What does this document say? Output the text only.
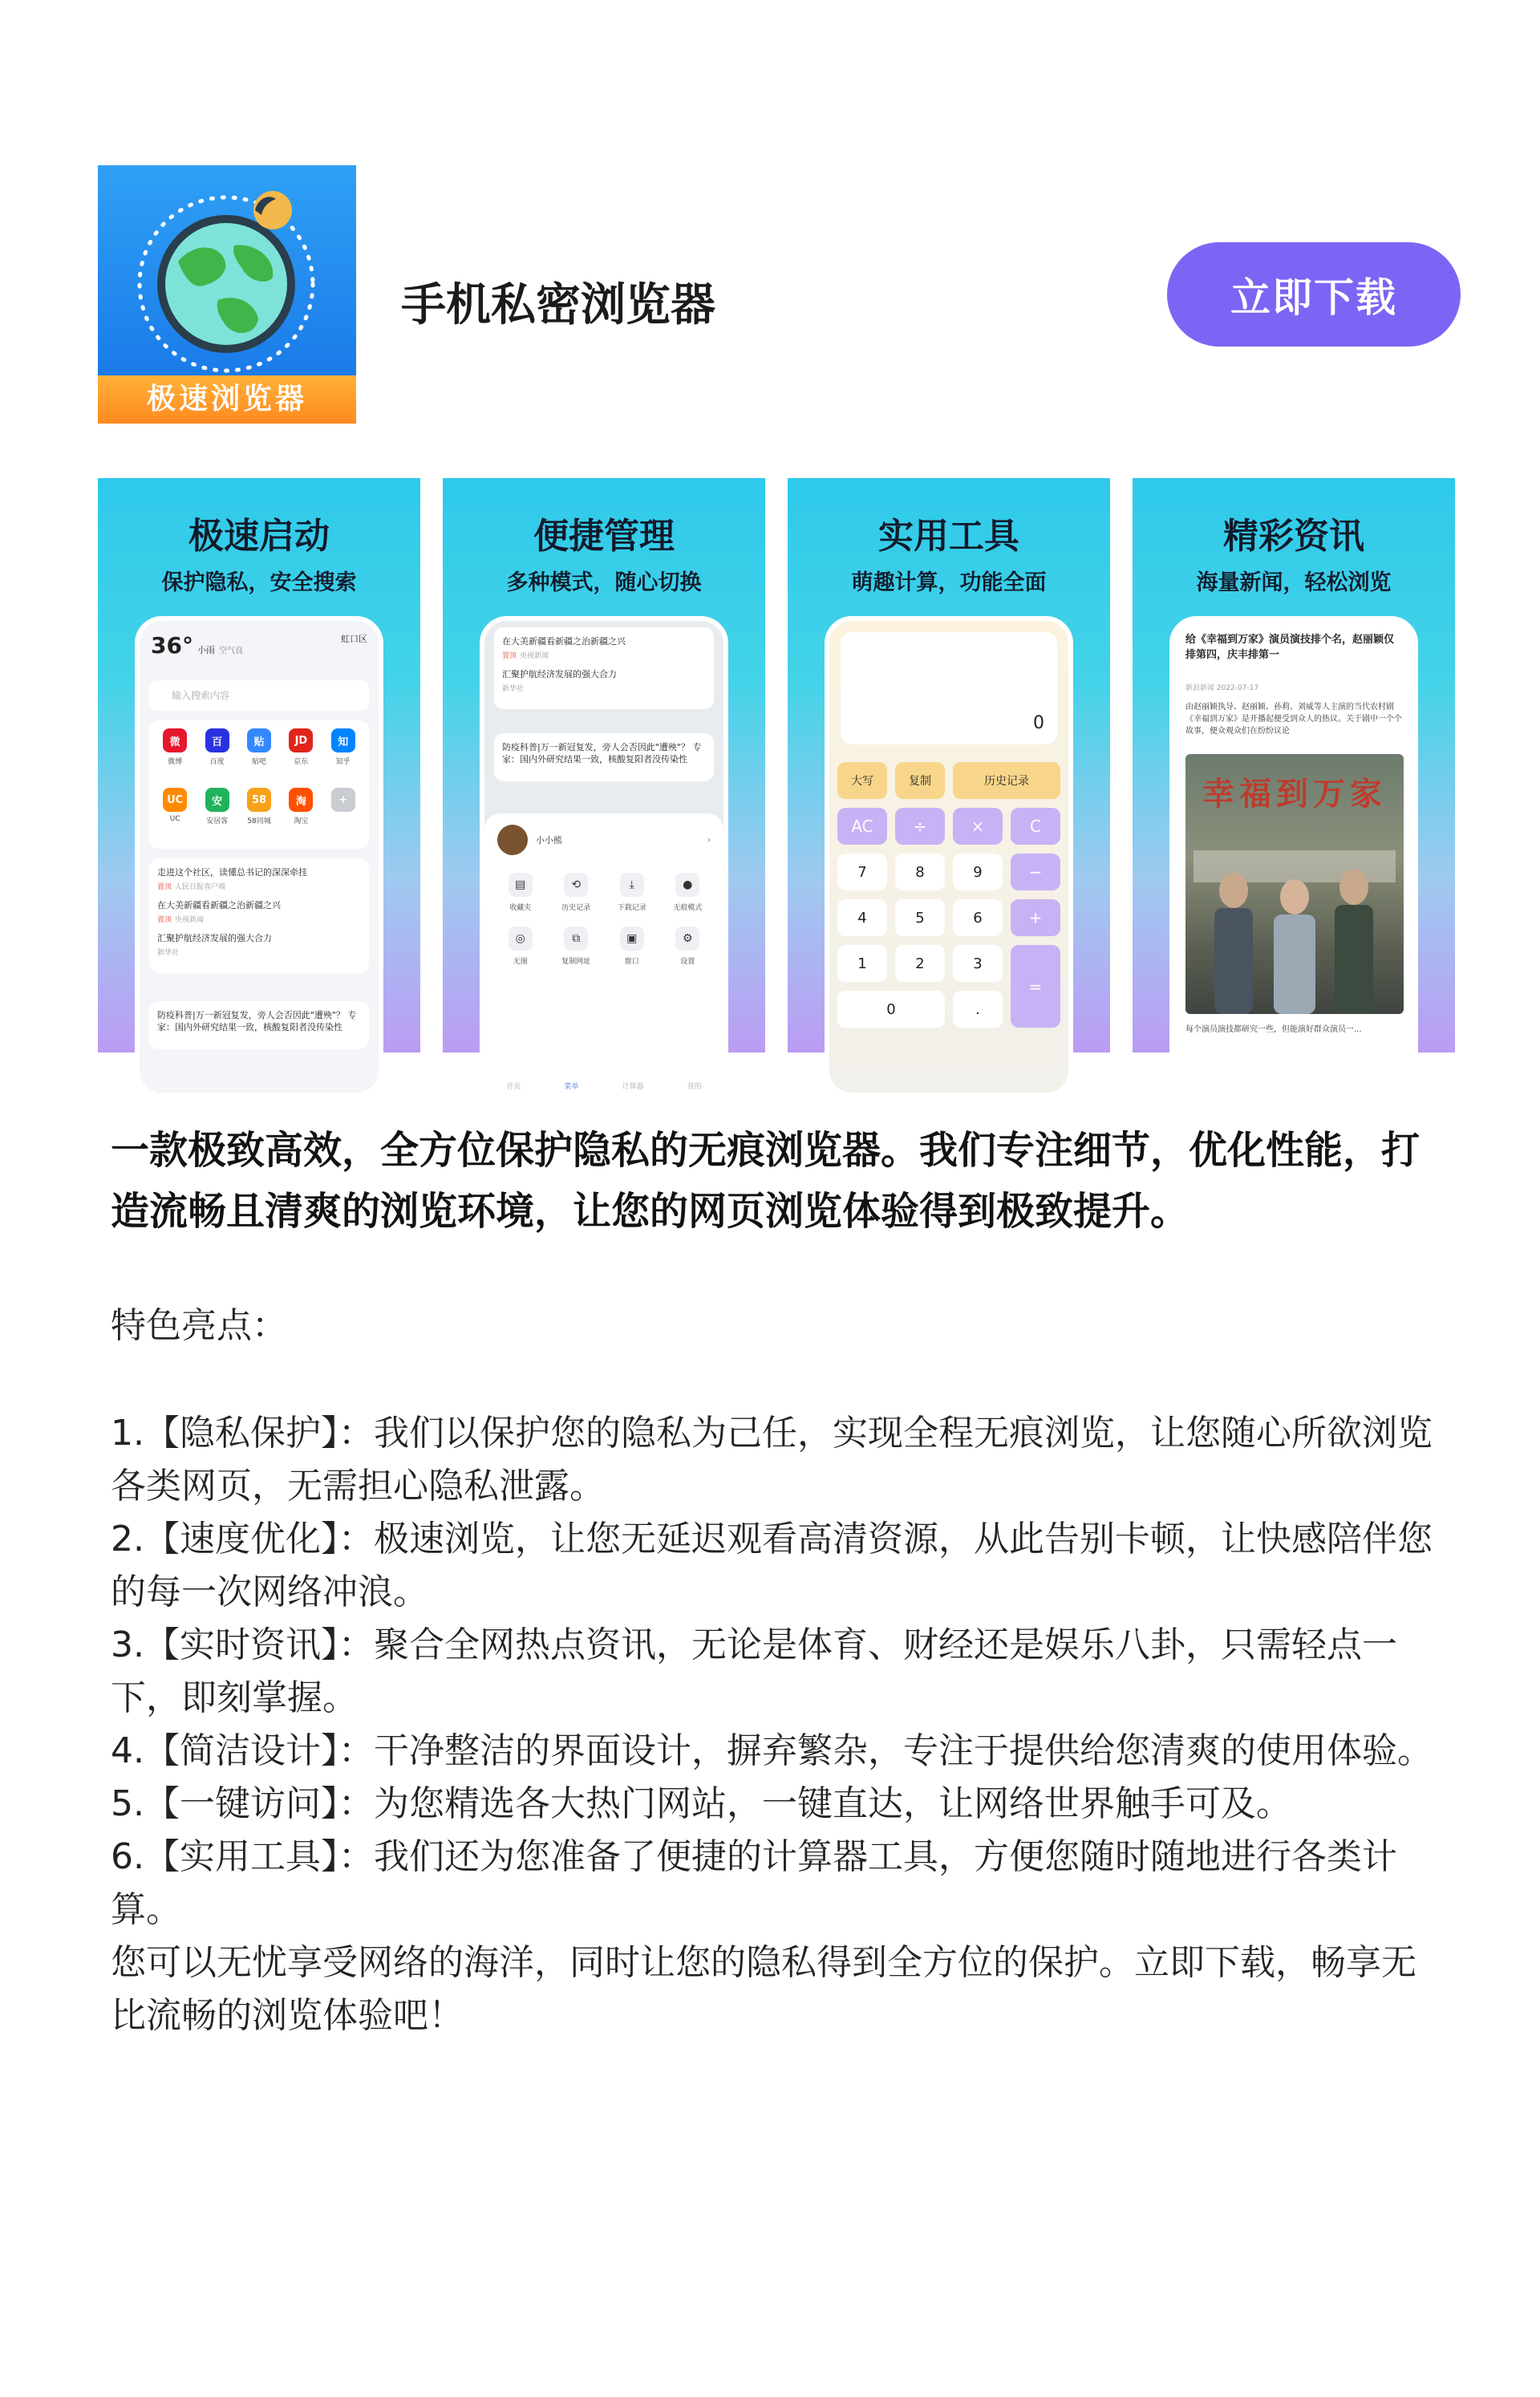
极速浏览器
手机私密浏览器	立即下载
极速启动
保护隐私，安全搜索
36° 小雨 空气良
虹口区
输入搜索内容
微
微博
百
百度
贴
贴吧
JD
京东
知
知乎
UC
UC
安
安居客
58
58同城
淘
淘宝
+
走进这个社区，读懂总书记的深深牵挂
置顶 人民日报客户端
在大美新疆看新疆之治新疆之兴
置顶 央视新闻
汇聚护航经济发展的强大合力
新华社
防疫科普|万一新冠复发，旁人会否因此"遭殃"？ 专家：国内外研究结果一致，核酸复阳者没传染性
便捷管理
多种模式，随心切换
在大美新疆看新疆之治新疆之兴
置顶 央视新闻
汇聚护航经济发展的强大合力
新华社
防疫科普|万一新冠复发，旁人会否因此"遭殃"？ 专家：国内外研究结果一致，核酸复阳者没传染性
小小熊	›
▤
收藏夹
⟲
历史记录
⤓
下载记录
●
无痕模式
◎
无图
⧉
复制网址
▣
窗口
⚙
设置
首页	菜单	计算器	我的
实用工具
萌趣计算，功能全面
0
大写	复制	历史记录
AC	÷	×	C
7	8	9	−
4	5	6	+
1	2	3
=
0	.
精彩资讯
海量新闻，轻松浏览
给《幸福到万家》演员演技排个名，赵丽颖仅排第四，庆丰排第一
新浪新闻 2022-07-17
由赵丽颖执导、赵丽颖、孙莉、刘威等人主演的当代农村剧《幸福到万家》是开播起便受到众人的热议。关于剧中一个个故事，便众观众们在纷纷议论
幸福到万家
每个演员演技都研究一些，但能演好群众演员一...

一款极致高效，全方位保护隐私的无痕浏览器。我们专注细节，优化性能，打造流畅且清爽的浏览环境，让您的网页浏览体验得到极致提升。

特色亮点：

1.【隐私保护】：我们以保护您的隐私为己任，实现全程无痕浏览，让您随心所欲浏览各类网页，无需担心隐私泄露。

2.【速度优化】：极速浏览，让您无延迟观看高清资源，从此告别卡顿，让快感陪伴您的每一次网络冲浪。

3.【实时资讯】：聚合全网热点资讯，无论是体育、财经还是娱乐八卦，只需轻点一下，即刻掌握。

4.【简洁设计】：干净整洁的界面设计，摒弃繁杂，专注于提供给您清爽的使用体验。

5.【一键访问】：为您精选各大热门网站，一键直达，让网络世界触手可及。

6.【实用工具】：我们还为您准备了便捷的计算器工具，方便您随时随地进行各类计算。

您可以无忧享受网络的海洋，同时让您的隐私得到全方位的保护。立即下载，畅享无比流畅的浏览体验吧！
